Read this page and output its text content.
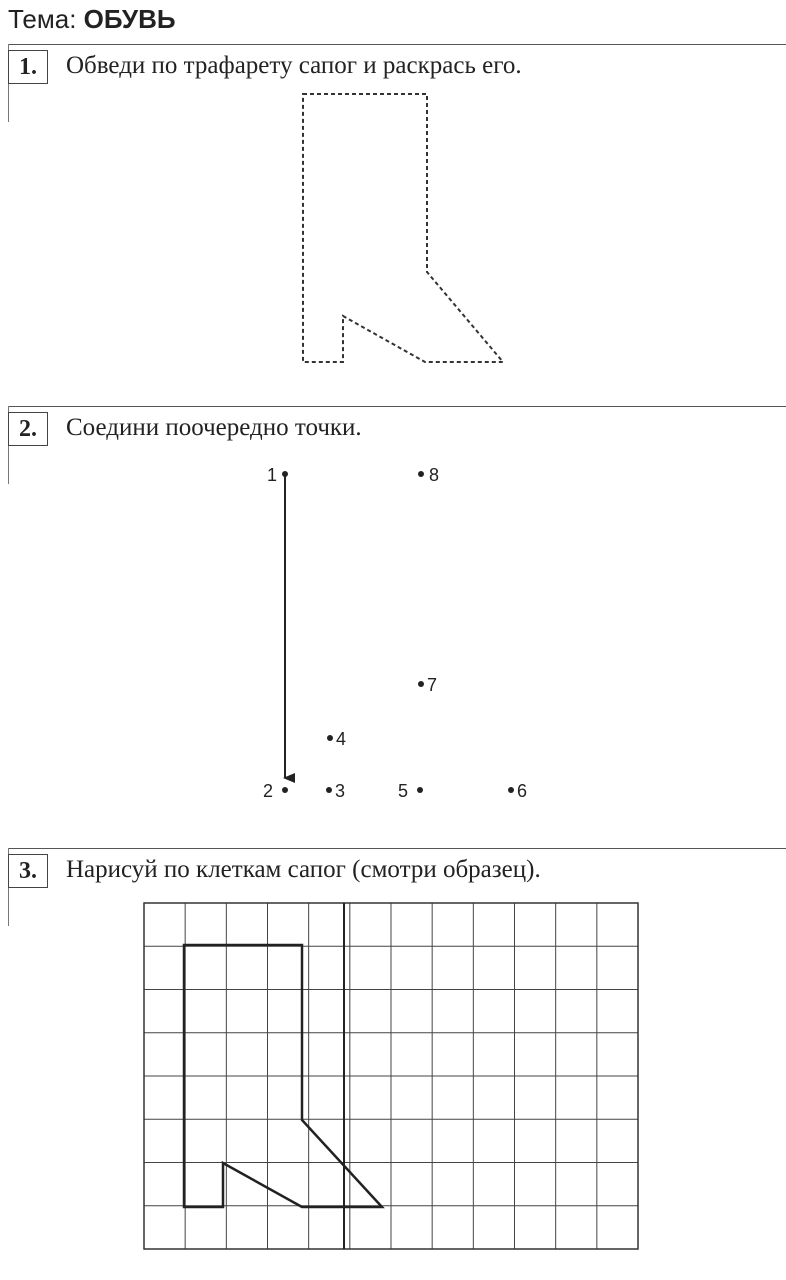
Тема: ОБУВЬ
1.	Обведи по трафарету сапог и раскрась его.
2.	Соедини поочередно точки.
1
2	3
4
5	6
7
8
3.	Нарисуй по клеткам сапог (смотри образец).
